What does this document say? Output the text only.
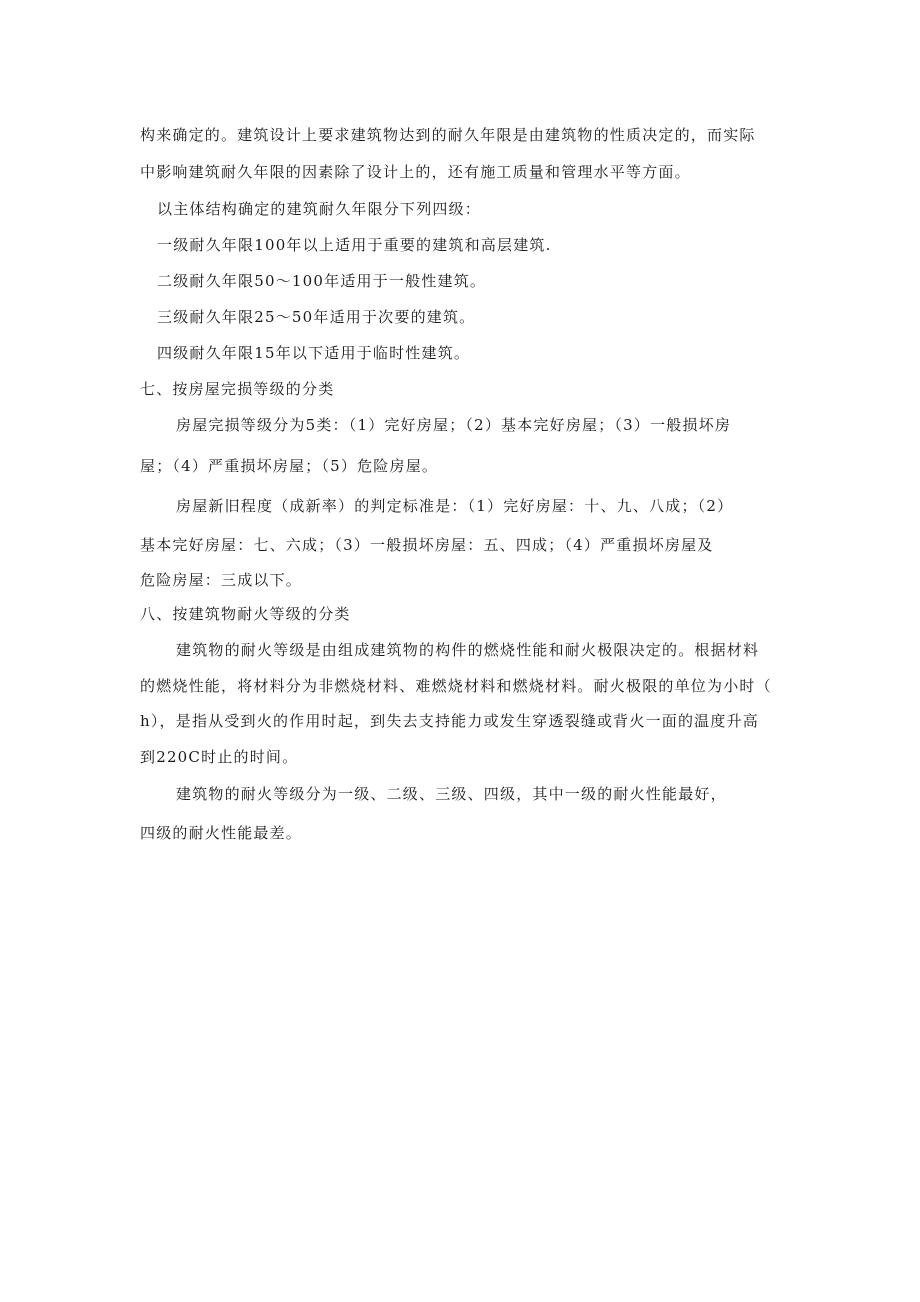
构来确定的。建筑设计上要求建筑物达到的耐久年限是由建筑物的性质决定的，而实际
中影响建筑耐久年限的因素除了设计上的，还有施工质量和管理水平等方面。
以主体结构确定的建筑耐久年限分下列四级：
一级耐久年限100年以上适用于重要的建筑和高层建筑.
二级耐久年限50～100年适用于一般性建筑。
三级耐久年限25～50年适用于次要的建筑。
四级耐久年限15年以下适用于临时性建筑。
七、按房屋完损等级的分类
房屋完损等级分为5类：（1）完好房屋；（2）基本完好房屋；（3）一般损坏房
屋；（4）严重损坏房屋；（5）危险房屋。
房屋新旧程度（成新率）的判定标准是：（1）完好房屋：十、九、八成；（2）
基本完好房屋：七、六成；（3）一般损坏房屋：五、四成；（4）严重损坏房屋及
危险房屋：三成以下。
八、按建筑物耐火等级的分类
建筑物的耐火等级是由组成建筑物的构件的燃烧性能和耐火极限决定的。根据材料
的燃烧性能，将材料分为非燃烧材料、难燃烧材料和燃烧材料。耐火极限的单位为小时（
h），是指从受到火的作用时起，到失去支持能力或发生穿透裂缝或背火一面的温度升高
到220C时止的时间。
建筑物的耐火等级分为一级、二级、三级、四级，其中一级的耐火性能最好，
四级的耐火性能最差。
